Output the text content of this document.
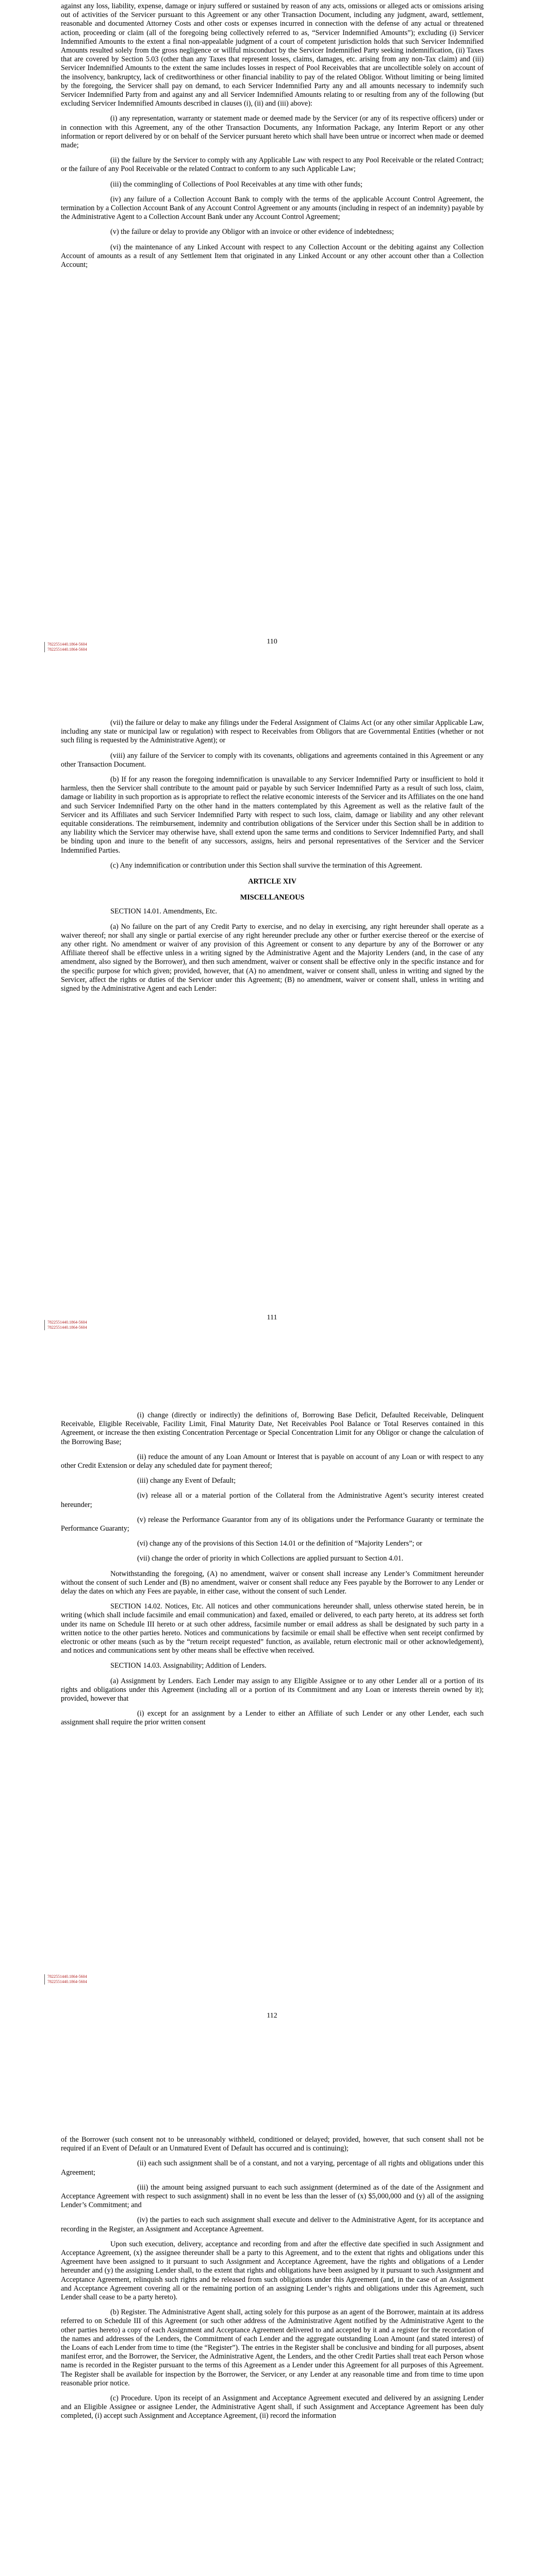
against any loss, liability, expense, damage or injury suffered or sustained by reason of any acts, omissions or alleged acts or omissions arising out of activities of the Servicer pursuant to this Agreement or any other Transaction Document, including any judgment, award, settlement, reasonable and documented Attorney Costs and other costs or expenses incurred in connection with the defense of any actual or threatened action, proceeding or claim (all of the foregoing being collectively referred to as, “Servicer Indemnified Amounts”); excluding (i) Servicer Indemnified Amounts to the extent a final non-appealable judgment of a court of competent jurisdiction holds that such Servicer Indemnified Amounts resulted solely from the gross negligence or willful misconduct by the Servicer Indemnified Party seeking indemnification, (ii) Taxes that are covered by Section 5.03 (other than any Taxes that represent losses, claims, damages, etc. arising from any non-Tax claim) and (iii) Servicer Indemnified Amounts to the extent the same includes losses in respect of Pool Receivables that are uncollectible solely on account of the insolvency, bankruptcy, lack of creditworthiness or other financial inability to pay of the related Obligor. Without limiting or being limited by the foregoing, the Servicer shall pay on demand, to each Servicer Indemnified Party any and all amounts necessary to indemnify such Servicer Indemnified Party from and against any and all Servicer Indemnified Amounts relating to or resulting from any of the following (but excluding Servicer Indemnified Amounts described in clauses (i), (ii) and (iii) above):

(i) any representation, warranty or statement made or deemed made by the Servicer (or any of its respective officers) under or in connection with this Agreement, any of the other Transaction Documents, any Information Package, any Interim Report or any other information or report delivered by or on behalf of the Servicer pursuant hereto which shall have been untrue or incorrect when made or deemed made;

(ii) the failure by the Servicer to comply with any Applicable Law with respect to any Pool Receivable or the related Contract; or the failure of any Pool Receivable or the related Contract to conform to any such Applicable Law;

(iii) the commingling of Collections of Pool Receivables at any time with other funds;

(iv) any failure of a Collection Account Bank to comply with the terms of the applicable Account Control Agreement, the termination by a Collection Account Bank of any Account Control Agreement or any amounts (including in respect of an indemnity) payable by the Administrative Agent to a Collection Account Bank under any Account Control Agreement;

(v) the failure or delay to provide any Obligor with an invoice or other evidence of indebtedness;

(vi) the maintenance of any Linked Account with respect to any Collection Account or the debiting against any Collection Account of amounts as a result of any Settlement Item that originated in any Linked Account or any other account other than a Collection Account;

7822551440.1864-5604
7822551440.1864-5604
110

(vii) the failure or delay to make any filings under the Federal Assignment of Claims Act (or any other similar Applicable Law, including any state or municipal law or regulation) with respect to Receivables from Obligors that are Governmental Entities (whether or not such filing is requested by the Administrative Agent); or

(viii) any failure of the Servicer to comply with its covenants, obligations and agreements contained in this Agreement or any other Transaction Document.

(b) If for any reason the foregoing indemnification is unavailable to any Servicer Indemnified Party or insufficient to hold it harmless, then the Servicer shall contribute to the amount paid or payable by such Servicer Indemnified Party as a result of such loss, claim, damage or liability in such proportion as is appropriate to reflect the relative economic interests of the Servicer and its Affiliates on the one hand and such Servicer Indemnified Party on the other hand in the matters contemplated by this Agreement as well as the relative fault of the Servicer and its Affiliates and such Servicer Indemnified Party with respect to such loss, claim, damage or liability and any other relevant equitable considerations. The reimbursement, indemnity and contribution obligations of the Servicer under this Section shall be in addition to any liability which the Servicer may otherwise have, shall extend upon the same terms and conditions to Servicer Indemnified Party, and shall be binding upon and inure to the benefit of any successors, assigns, heirs and personal representatives of the Servicer and the Servicer Indemnified Parties.

(c) Any indemnification or contribution under this Section shall survive the termination of this Agreement.

ARTICLE XIV

MISCELLANEOUS

SECTION 14.01. Amendments, Etc.

(a) No failure on the part of any Credit Party to exercise, and no delay in exercising, any right hereunder shall operate as a waiver thereof; nor shall any single or partial exercise of any right hereunder preclude any other or further exercise thereof or the exercise of any other right. No amendment or waiver of any provision of this Agreement or consent to any departure by any of the Borrower or any Affiliate thereof shall be effective unless in a writing signed by the Administrative Agent and the Majority Lenders (and, in the case of any amendment, also signed by the Borrower), and then such amendment, waiver or consent shall be effective only in the specific instance and for the specific purpose for which given; provided, however, that (A) no amendment, waiver or consent shall, unless in writing and signed by the Servicer, affect the rights or duties of the Servicer under this Agreement; (B) no amendment, waiver or consent shall, unless in writing and signed by the Administrative Agent and each Lender:

7822551440.1864-5604
7822551440.1864-5604
111

(i) change (directly or indirectly) the definitions of, Borrowing Base Deficit, Defaulted Receivable, Delinquent Receivable, Eligible Receivable, Facility Limit, Final Maturity Date, Net Receivables Pool Balance or Total Reserves contained in this Agreement, or increase the then existing Concentration Percentage or Special Concentration Limit for any Obligor or change the calculation of the Borrowing Base;

(ii) reduce the amount of any Loan Amount or Interest that is payable on account of any Loan or with respect to any other Credit Extension or delay any scheduled date for payment thereof;

(iii) change any Event of Default;

(iv) release all or a material portion of the Collateral from the Administrative Agent’s security interest created hereunder;

(v) release the Performance Guarantor from any of its obligations under the Performance Guaranty or terminate the Performance Guaranty;

(vi) change any of the provisions of this Section 14.01 or the definition of “Majority Lenders”; or

(vii) change the order of priority in which Collections are applied pursuant to Section 4.01.

Notwithstanding the foregoing, (A) no amendment, waiver or consent shall increase any Lender’s Commitment hereunder without the consent of such Lender and (B) no amendment, waiver or consent shall reduce any Fees payable by the Borrower to any Lender or delay the dates on which any Fees are payable, in either case, without the consent of such Lender.

SECTION 14.02. Notices, Etc. All notices and other communications hereunder shall, unless otherwise stated herein, be in writing (which shall include facsimile and email communication) and faxed, emailed or delivered, to each party hereto, at its address set forth under its name on Schedule III hereto or at such other address, facsimile number or email address as shall be designated by such party in a written notice to the other parties hereto. Notices and communications by facsimile or email shall be effective when sent receipt confirmed by electronic or other means (such as by the “return receipt requested” function, as available, return electronic mail or other acknowledgement), and notices and communications sent by other means shall be effective when received.

SECTION 14.03. Assignability; Addition of Lenders.

(a) Assignment by Lenders. Each Lender may assign to any Eligible Assignee or to any other Lender all or a portion of its rights and obligations under this Agreement (including all or a portion of its Commitment and any Loan or interests therein owned by it); provided, however that

(i) except for an assignment by a Lender to either an Affiliate of such Lender or any other Lender, each such assignment shall require the prior written consent

7822551440.1864-5604
7822551440.1864-5604
112

of the Borrower (such consent not to be unreasonably withheld, conditioned or delayed; provided, however, that such consent shall not be required if an Event of Default or an Unmatured Event of Default has occurred and is continuing);

(ii) each such assignment shall be of a constant, and not a varying, percentage of all rights and obligations under this Agreement;

(iii) the amount being assigned pursuant to each such assignment (determined as of the date of the Assignment and Acceptance Agreement with respect to such assignment) shall in no event be less than the lesser of (x) $5,000,000 and (y) all of the assigning Lender’s Commitment; and

(iv) the parties to each such assignment shall execute and deliver to the Administrative Agent, for its acceptance and recording in the Register, an Assignment and Acceptance Agreement.

Upon such execution, delivery, acceptance and recording from and after the effective date specified in such Assignment and Acceptance Agreement, (x) the assignee thereunder shall be a party to this Agreement, and to the extent that rights and obligations under this Agreement have been assigned to it pursuant to such Assignment and Acceptance Agreement, have the rights and obligations of a Lender hereunder and (y) the assigning Lender shall, to the extent that rights and obligations have been assigned by it pursuant to such Assignment and Acceptance Agreement, relinquish such rights and be released from such obligations under this Agreement (and, in the case of an Assignment and Acceptance Agreement covering all or the remaining portion of an assigning Lender’s rights and obligations under this Agreement, such Lender shall cease to be a party hereto).

(b) Register. The Administrative Agent shall, acting solely for this purpose as an agent of the Borrower, maintain at its address referred to on Schedule III of this Agreement (or such other address of the Administrative Agent notified by the Administrative Agent to the other parties hereto) a copy of each Assignment and Acceptance Agreement delivered to and accepted by it and a register for the recordation of the names and addresses of the Lenders, the Commitment of each Lender and the aggregate outstanding Loan Amount (and stated interest) of the Loans of each Lender from time to time (the “Register”). The entries in the Register shall be conclusive and binding for all purposes, absent manifest error, and the Borrower, the Servicer, the Administrative Agent, the Lenders, and the other Credit Parties shall treat each Person whose name is recorded in the Register pursuant to the terms of this Agreement as a Lender under this Agreement for all purposes of this Agreement. The Register shall be available for inspection by the Borrower, the Servicer, or any Lender at any reasonable time and from time to time upon reasonable prior notice.

(c) Procedure. Upon its receipt of an Assignment and Acceptance Agreement executed and delivered by an assigning Lender and an Eligible Assignee or assignee Lender, the Administrative Agent shall, if such Assignment and Acceptance Agreement has been duly completed, (i) accept such Assignment and Acceptance Agreement, (ii) record the information
